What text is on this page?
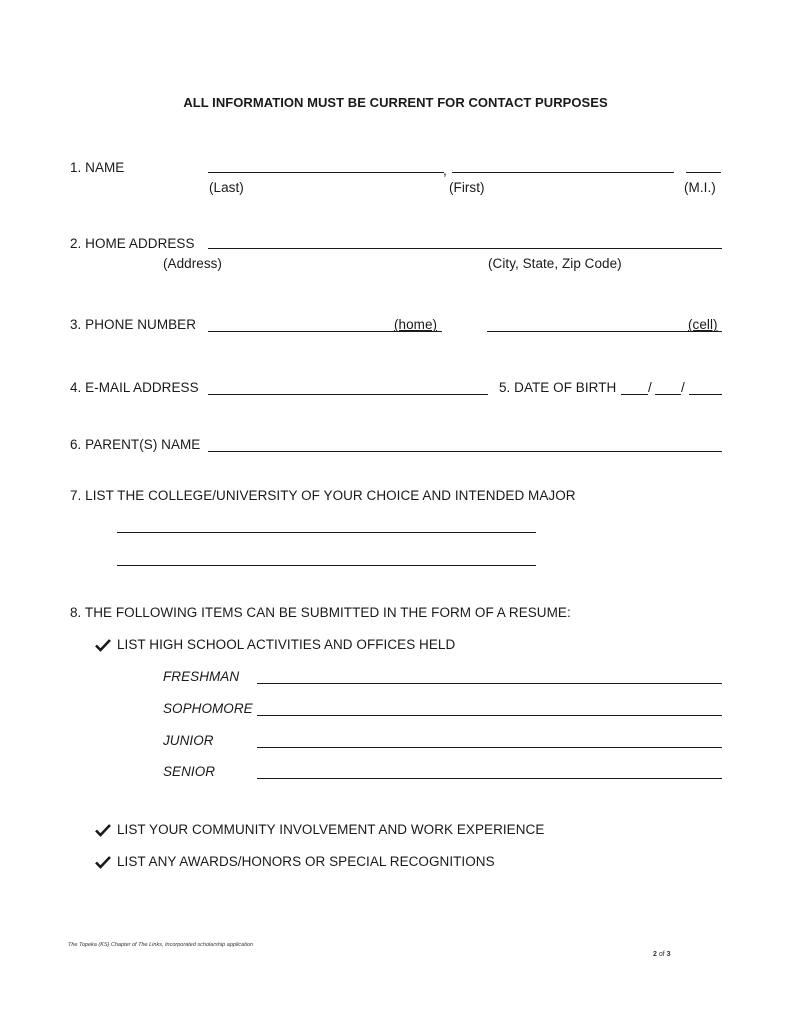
ALL INFORMATION MUST BE CURRENT FOR CONTACT PURPOSES
1. NAME	,
(Last)	(First)	(M.I.)
2. HOME ADDRESS
(Address)	(City, State, Zip Code)
3. PHONE NUMBER	(home)	(cell)
4. E-MAIL ADDRESS	5. DATE OF BIRTH / /
6. PARENT(S) NAME
7. LIST THE COLLEGE/UNIVERSITY OF YOUR CHOICE AND INTENDED MAJOR
8. THE FOLLOWING ITEMS CAN BE SUBMITTED IN THE FORM OF A RESUME:
LIST HIGH SCHOOL ACTIVITIES AND OFFICES HELD
FRESHMAN
SOPHOMORE
JUNIOR
SENIOR
LIST YOUR COMMUNITY INVOLVEMENT AND WORK EXPERIENCE
LIST ANY AWARDS/HONORS OR SPECIAL RECOGNITIONS
The Topeka (KS) Chapter of The Links, Incorporated scholarship application
2 of 3
